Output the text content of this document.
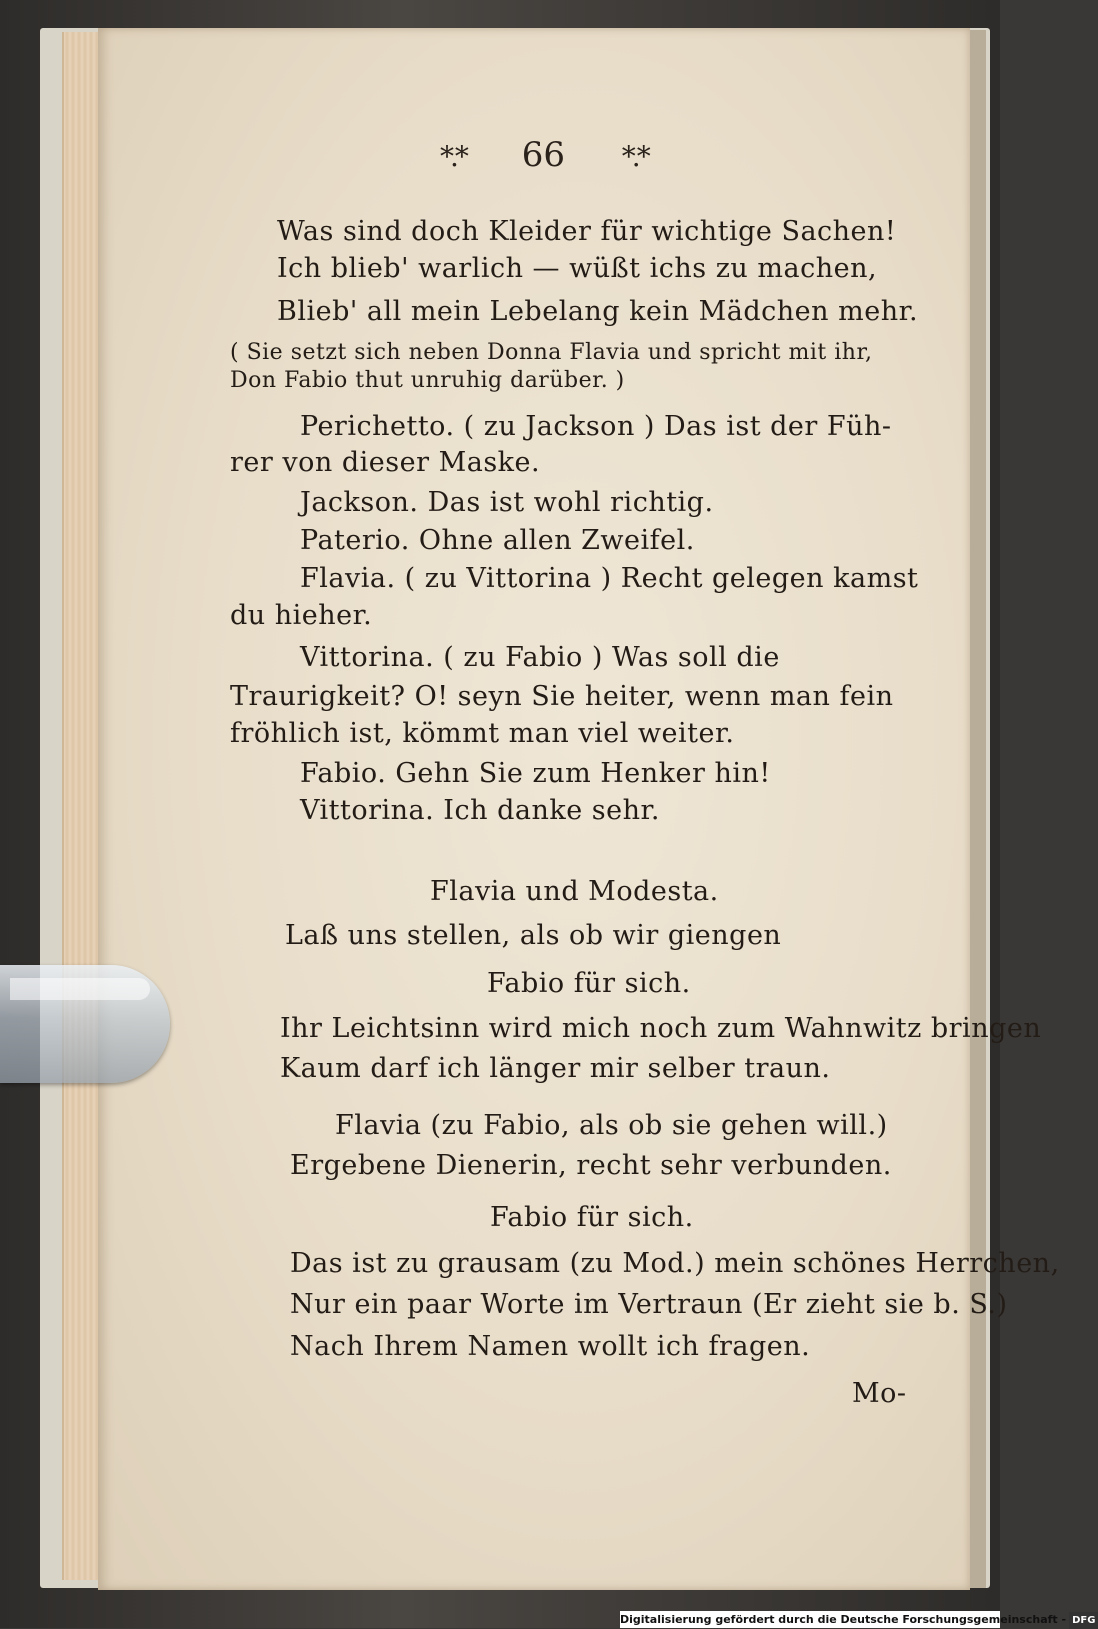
*.* 66 *.*
Was sind doch Kleider für wichtige Sachen!
Ich blieb' warlich — wüßt ichs zu machen,
Blieb' all mein Lebelang kein Mädchen mehr.
( Sie setzt sich neben Donna Flavia und spricht mit ihr,
Don Fabio thut unruhig darüber. )
Perichetto. ( zu Jackson ) Das ist der Füh-
rer von dieser Maske.
Jackson. Das ist wohl richtig.
Paterio. Ohne allen Zweifel.
Flavia. ( zu Vittorina ) Recht gelegen kamst
du hieher.
Vittorina. ( zu Fabio ) Was soll die
Traurigkeit? O! seyn Sie heiter, wenn man fein
fröhlich ist, kömmt man viel weiter.
Fabio. Gehn Sie zum Henker hin!
Vittorina. Ich danke sehr.
Flavia und Modesta.
Laß uns stellen, als ob wir giengen
Fabio für sich.
Ihr Leichtsinn wird mich noch zum Wahnwitz bringen
Kaum darf ich länger mir selber traun.
Flavia (zu Fabio, als ob sie gehen will.)
Ergebene Dienerin, recht sehr verbunden.
Fabio für sich.
Das ist zu grausam (zu Mod.) mein schönes Herrchen,
Nur ein paar Worte im Vertraun (Er zieht sie b. S.)
Nach Ihrem Namen wollt ich fragen.
Mo-
Digitalisierung gefördert durch die Deutsche Forschungsgemeinschaft - DFG
